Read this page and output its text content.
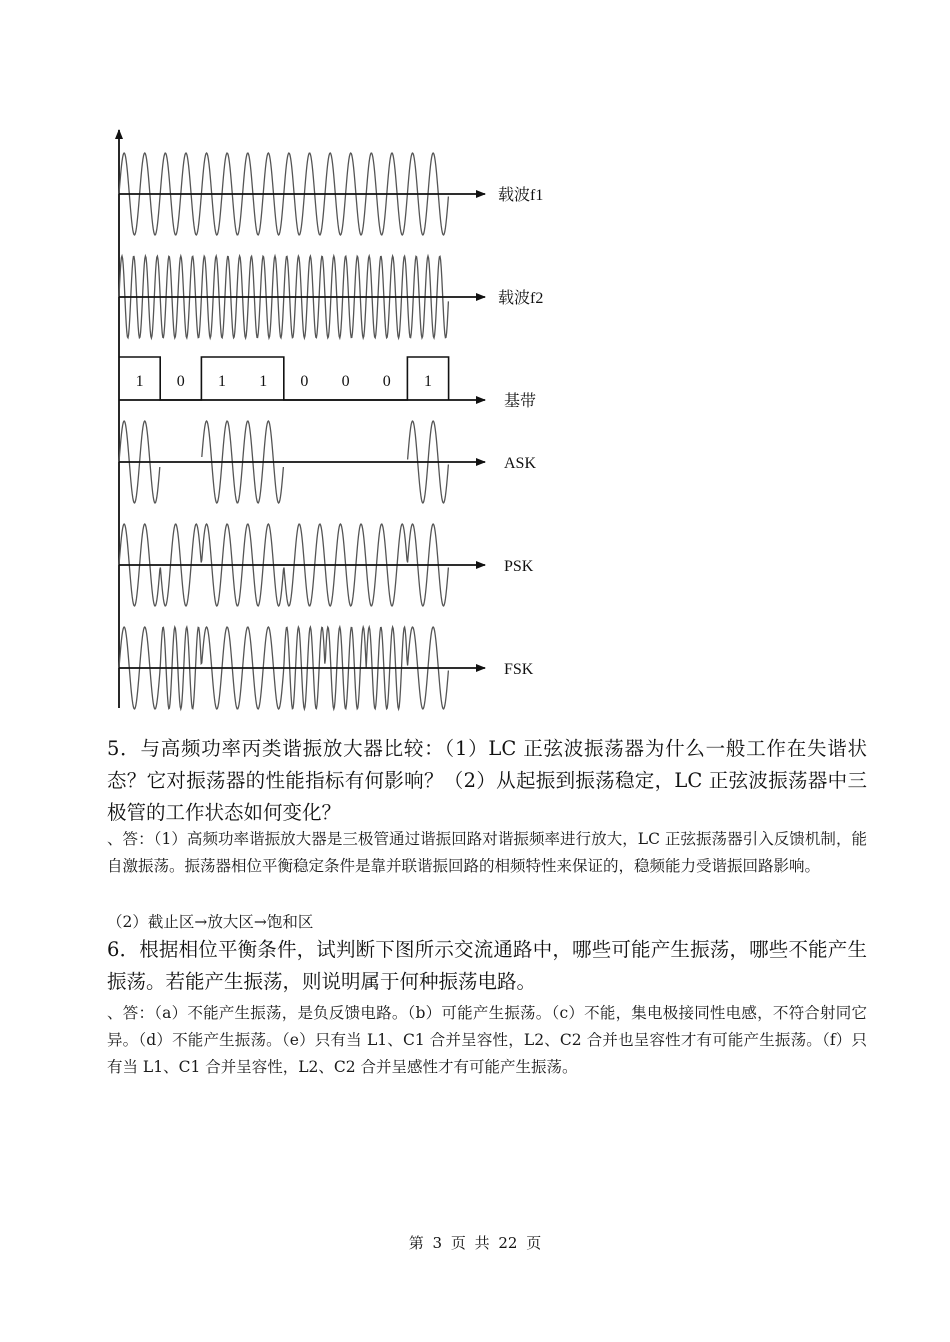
载波f1
载波f2
1 0 1 1 0 0 0 1
基带
ASK
PSK
FSK

5．与高频功率丙类谐振放大器比较：（1）LC 正弦波振荡器为什么一般工作在失谐状态？它对振荡器的性能指标有何影响？（2）从起振到振荡稳定，LC 正弦波振荡器中三极管的工作状态如何变化？

、答：（1）高频功率谐振放大器是三极管通过谐振回路对谐振频率进行放大，LC 正弦振荡器引入反馈机制，能自激振荡。振荡器相位平衡稳定条件是靠并联谐振回路的相频特性来保证的，稳频能力受谐振回路影响。

（2）截止区→放大区→饱和区

6．根据相位平衡条件，试判断下图所示交流通路中，哪些可能产生振荡，哪些不能产生振荡。若能产生振荡，则说明属于何种振荡电路。

、答：（a）不能产生振荡，是负反馈电路。（b）可能产生振荡。（c）不能，集电极接同性电感，不符合射同它异。（d）不能产生振荡。（e）只有当 L1、C1 合并呈容性，L2、C2 合并也呈容性才有可能产生振荡。（f）只有当 L1、C1 合并呈容性，L2、C2 合并呈感性才有可能产生振荡。

第 3 页 共 22 页
